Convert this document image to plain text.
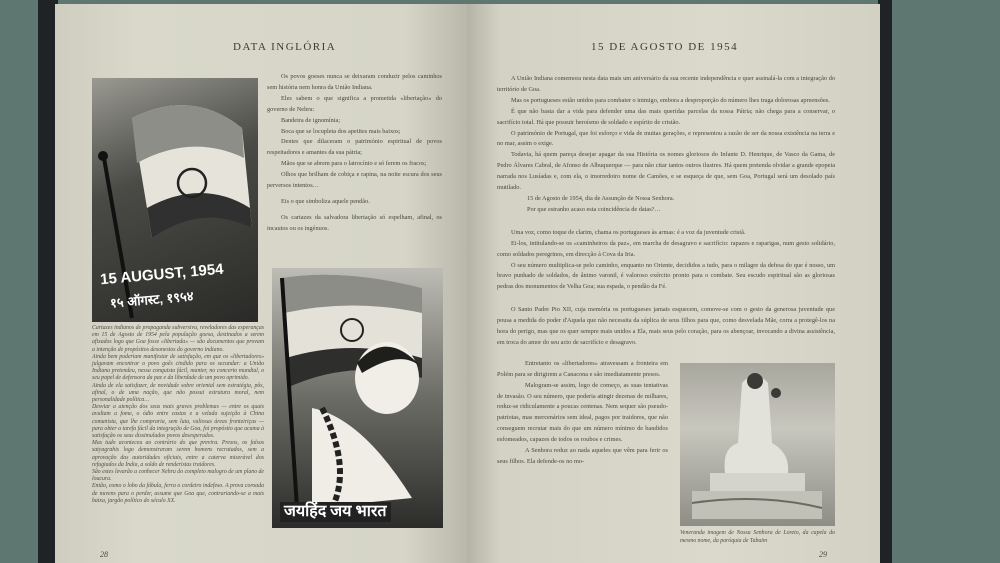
DATA INGLÓRIA
15 AUGUST, 1954
१५ ऑगस्ट, १९५४

Os povos goeses nunca se deixaram conduzir pelos caminhos sem história nem honra da União Indiana.

Eles sabem o que significa a prometida «libertação» do governo de Nehru:

Bandeira de ignomínia;

Boca que se locupleta dos apetites mais baixos;

Dentes que dilaceram o património espiritual de povos respeitadores e amantes da sua pátria;

Mãos que se abrem para o latrocínio e só ferem os fracos;

Olhos que brilham de cobiça e rapina, na noite escura dos seus perversos intentos…

Eis o que simboliza aquele pendão.

Os cartazes da salvadora libertação só espelham, afinal, os incautos ou os ingénuos.

जयहिंद जय भारत

Cartazes indianos de propaganda subversiva, reveladores das esperanças em 15 de Agosto de 1954 pela população goesa, destinados a serem afixados logo que Goa fosse «libertada» — são documentos que provam a intenção de propósitos desonestos do governo indiano.

Ainda bem poderiam manifestar de satisfação, em que os «libertadores» julgavam encontrar o povo goês cindido para os secundar: a União Indiana pretendeu, nessa conquista fácil, manter, no concerto mundial, o seu papel de defensora da paz e da liberdade de um povo oprimido.

Ainda de ela satisfazer, de novidade sobre oriental sem estratégia, pôs, afinal, o de uma nação, que não possui estrutura moral, nem personalidade política…

Desviar a atenção dos seus mais graves problemas — entre os quais avultam a fome, o ódio entre castas e a velada sujeição à China comunista, que lhe compraria, sem luta, valiosas áreas fronteiriças — para obter a tarefa fácil da integração de Goa, foi propósito que acama à satisfação os seus dissimulados povos desesperados.

Mas tudo aconteceu ao contrário do que previra. Presos, os falsos satyagrahis logo demonstraram serem homens recrutados, sem a aprovação das autoridades oficiais, entre a caterva miserável dos refugiados da Índia, a soldo de renderistas traidores.

São estes levarão a conhecer Nehru do completo malogro de um plano de loucura.

Então, como o lobo da fábula, ferra o cordeiro indefeso. A prova coroada de nuvens para o perder, assume que Goa que, contrariando-se a mais baixa, jargão político do século XX.

28
15 DE AGOSTO DE 1954

A União Indiana comemora nesta data mais um aniversário da sua recente independência e quer assinalá-la com a integração do território de Goa.

Mas os portugueses estão unidos para combater o inimigo, embora a desproporção do número lhes traga dolorosas apreensões.

É que não basta dar a vida para defender uma das mais queridas parcelas da nossa Pátria; não chega para a conservar, o sacrifício total. Há que possuir heroísmo de soldado e espírito de cristão.

O património de Portugal, que foi esforço e vida de muitas gerações, e representou a razão de ser da nossa existência na terra e no mar, assim o exige.

Todavia, há quem pareça desejar apagar da sua História os nomes gloriosos do Infante D. Henrique, de Vasco da Gama, de Pedro Álvares Cabral, de Afonso de Albuquerque — para não citar tantos outros ilustres. Há quem pretenda olvidar a grande epopeia narrada nos Lusíadas e, com ela, o imorredoiro nome de Camões, e se esqueça de que, sem Goa, Portugal será um desolado país mutilado.

15 de Agosto de 1954, dia de Assunção de Nossa Senhora.

Por que estranho acaso esta coincidência de datas?…

Uma voz, como toque de clarim, chama os portugueses às armas: é a voz da juventude cristã.

Ei-los, intitulando-se os «caminheiros da paz», em marcha de desagravo e sacrifício: rapazes e raparigas, num gesto solidário, como soldados peregrinos, em direcção à Cova da Iria.

O seu número multiplica-se pelo caminho, enquanto no Oriente, decididos a tudo, para o milagre da defesa do que é nosso, um bravo punhado de soldados, de ânimo varonil, é valoroso exército pronto para o combate. Seu escudo espiritual são as gloriosas pedras dos monumentos de Velha Goa; sua espada, o pendão da Fé.

O Santo Padre Pio XII, cuja memória os portugueses jamais esquecem, comove-se com o gesto da generosa juventude que pousa a medida do poder d'Aquela que não necessita da súplica de seus filhos para que, como desvelada Mãe, corra a protegê-los na hora do perigo, mas que os quer sempre mais unidos a Ela, mais seus pelo coração, para os abençoar, invocando a divina assistência, em troca do amor do seu acto de sacrifício e desagravo.

Veneranda imagem de Nossa Senhora de Loreto, da capela do mesmo nome, da paróquia de Tabuim

Entretanto os «libertadores» atravessam a fronteira em Polém para se dirigirem a Canacona e são imediatamente presos.

Malogram-se assim, logo de começo, as suas tentativas de invasão. O seu número, que poderia atingir dezenas de milhares, reduz-se ridiculamente a poucas centenas. Nem sequer são pseudo-patriotas, mas mercenários sem ideal, pagos por traidores, que não conseguem recrutar mais do que um número mínimo de bandidos esfomeados, capazes de todos os roubos e crimes.

A Senhora reduz ao nada aqueles que vêm para ferir os seus filhos. Ela defende-os no mo-

29
